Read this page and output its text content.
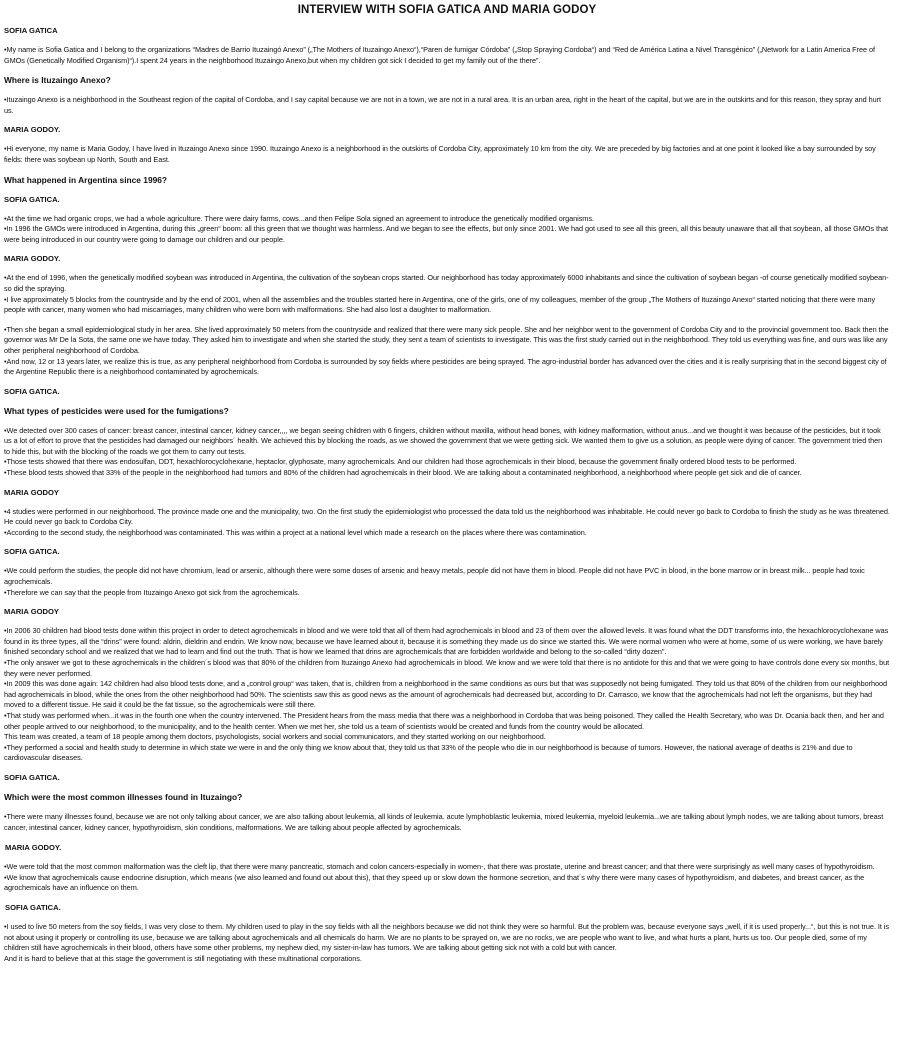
INTERVIEW WITH SOFIA GATICA AND MARIA GODOY
SOFIA GATICA
•My name is Sofia Gatica and I belong to the organizations “Madres de Barrio Ituzaingó Anexo” („The Mothers of Ituzaingo Anexo“),“Paren de fumigar Córdoba” („Stop Spraying Cordoba“) and “Red de América Latina a Nivel Transgénico” („Network for a Latin America Free of GMOs (Genetically Modified Organism)“).I spent 24 years in the neighborhood Ituzaingo Anexo,but when my children got sick I decided to get my family out of the there”.
Where is Ituzaingo Anexo?
•Ituzaingo Anexo is a neighborhood in the Southeast region of the capital of Cordoba, and I say capital because we are not in a town, we are not in a rural area. It is an urban area, right in the heart of the capital, but we are in the outskirts and for this reason, they spray and hurt us.
MARIA GODOY.
•Hi everyone, my name is Maria Godoy, I have lived in Ituzaingo Anexo since 1990. Ituzaingo Anexo is a neighborhood in the outskirts of Cordoba City, approximately 10 km from the city. We are preceded by big factories and at one point it looked like a bay surrounded by soy fields: there was soybean up North, South and East.
What happened in Argentina since 1996?
SOFIA GATICA.
•At the time we had organic crops, we had a whole agriculture. There were dairy farms, cows...and then Felipe Sola signed an agreement to introduce the genetically modified organisms.
•In 1996 the GMOs were introduced in Argentina, during this „green“ boom: all this green that we thought was harmless. And we began to see the effects, but only since 2001. We had got used to see all this green, all this beauty unaware that all that soybean, all those GMOs that were being introduced in our country were going to damage our children and our people.
MARIA GODOY.
•At the end of 1996, when the genetically modified soybean was introduced in Argentina, the cultivation of the soybean crops started. Our neighborhood has today approximately 6000 inhabitants and since the cultivation of soybean began -of course genetically modified soybean- so did the spraying.
•I live approximately 5 blocks from the countryside and by the end of 2001, when all the assemblies and the troubles started here in Argentina, one of the girls, one of my colleagues, member of the group „The Mothers of Ituzaingo Anexo“ started noticing that there were many people with cancer, many women who had miscarriages, many children who were born with malformations. She had also lost a daughter to malformation.
•Then she began a small epidemiological study in her area. She lived approximately 50 meters from the countryside and realized that there were many sick people. She and her neighbor went to the government of Cordoba City and to the provincial government too. Back then the governor was Mr De la Sota, the same one we have today. They asked him to investigate and when she started the study, they sent a team of scientists to investigate. This was the first study carried out in the neighborhood. They told us everything was fine, and ours was like any other peripheral neighborhood of Cordoba.
•And now, 12 or 13 years later, we realize this is true, as any peripheral neighborhood from Cordoba is surrounded by soy fields where pesticides are being sprayed. The agro-industrial border has advanced over the cities and it is really surprising that in the second biggest city of the Argentine Republic there is a neighborhood contaminated by agrochemicals.
SOFIA GATICA.
What types of pesticides were used for the fumigations?
•We detected over 300 cases of cancer: breast cancer, intestinal cancer, kidney cancer,,,, we began seeing children with 6 fingers, children without maxilla, without head bones, with kidney malformation, without anus...and we thought it was because of the pesticides, but it took us a lot of effort to prove that the pesticides had damaged our neighbors´ health. We achieved this by blocking the roads, as we showed the government that we were getting sick. We wanted them to give us a solution, as people were dying of cancer. The government tried then to hide this, but with the blocking of the roads we got them to carry out tests.
•Those tests showed that there was endosulfan, DDT, hexachlorocyclohexane, heptaclor, glyphosate, many agrochemicals. And our children had those agrochemicals in their blood, because the government finally ordered blood tests to be performed.
•These blood tests showed that 33% of the people in the neighborhood had tumors and 80% of the children had agrochemicals in their blood. We are talking about a contaminated neighborhood, a neighborhood where people get sick and die of cancer.
MARIA GODOY
•4 studies were performed in our neighborhood. The province made one and the municipality, two. On the first study the epidemiologist who processed the data told us the neighborhood was inhabitable. He could never go back to Cordoba to finish the study as he was threatened. He could never go back to Cordoba City.
•According to the second study, the neighborhood was contaminated. This was within a project at a national level which made a research on the places where there was contamination.
SOFIA GATICA.
•We could perform the studies, the people did not have chromium, lead or arsenic, although there were some doses of arsenic and heavy metals, people did not have them in blood. People did not have PVC in blood, in the bone marrow or in breast milk... people had toxic agrochemicals.
•Therefore we can say that the people from Ituzaingo Anexo got sick from the agrochemicals.
MARIA GODOY
•In 2006 30 children had blood tests done within this project in order to detect agrochemicals in blood and we were told that all of them had agrochemicals in blood and 23 of them over the allowed levels. It was found what the DDT transforms into, the hexachlorocyclohexane was found in its three types, all the “drins” were found: aldrin, dieldrin and endrin. We know now, because we have learned about it, because it is something they made us do since we started this. We were normal women who were at home, some of us were working, we have barely finished secondary school and we realized that we had to learn and find out the truth. That is how we learned that drins are agrochemicals that are forbidden worldwide and belong to the so-called “dirty dozen”.
•The only answer we got to these agrochemicals in the children´s blood was that 80% of the children from Ituzaingo Anexo had agrochemicals in blood. We know and we were told that there is no antidote for this and that we were going to have controls done every six months, but they were never performed.
•In 2009 this was done again: 142 children had also blood tests done, and a „control group“ was taken, that is, children from a neighborhood in the same conditions as ours but that was supposedly not being fumigated. They told us that 80% of the children from our neighborhood had agrochemicals in blood, while the ones from the other neighborhood had 50%. The scientists saw this as good news as the amount of agrochemicals had decreased but, according to Dr. Carrasco, we know that the agrochemicals had not left the organisms, but they had moved to a different tissue. He said it could be the fat tissue, so the agrochemicals were still there.
•That study was performed when...it was in the fourth one when the country intervened. The President hears from the mass media that there was a neighborhood in Cordoba that was being poisoned. They called the Health Secretary, who was Dr. Ocania back then, and her and other people arrived to our neighborhood, to the municipality, and to the health center. When we met her, she told us a team of scientists would be created and funds from the country would be allocated.
This team was created, a team of 18 people among them doctors, psychologists, social workers and social communicators, and they started working on our neighborhood.
•They performed a social and health study to determine in which state we were in and the only thing we know about that, they told us that 33% of the people who die in our neighborhood is because of tumors. However, the national average of deaths is 21% and due to cardiovascular diseases.
SOFIA GATICA.
Which were the most common illnesses found in Ituzaingo?
•There were many illnesses found, because we are not only talking about cancer, we are also talking about leukemia, all kinds of leukemia. acute lymphoblastic leukemia, mixed leukemia, myeloid leukemia...we are talking about lymph nodes, we are talking about tumors, breast cancer, intestinal cancer, kidney cancer, hypothyroidism, skin conditions, malformations. We are talking about people affected by agrochemicals.
MARIA GODOY.
•We were told that the most common malformation was the cleft lip, that there were many pancreatic, stomach and colon cancers-especially in women-, that there was prostate, uterine and breast cancer; and that there were surprisingly as well many cases of hypothyroidism.
•We know that agrochemicals cause endocrine disruption, which means (we also learned and found out about this), that they speed up or slow down the hormone secretion, and that´s why there were many cases of hypothyroidism, and diabetes, and breast cancer, as the agrochemicals have an influence on them.
SOFIA GATICA.
•I used to live 50 meters from the soy fields, I was very close to them. My children used to play in the soy fields with all the neighbors because we did not think they were so harmful. But the problem was, because everyone says „well, if it is used properly...“, but this is not true. It is not about using it properly or controlling its use, because we are talking about agrochemicals and all chemicals do harm. We are no plants to be sprayed on, we are no rocks, we are people who want to live, and what hurts a plant, hurts us too. Our people died, some of my children still have agrochemicals in their blood, others have some other problems, my nephew died, my sister-in-law has tumors. We are talking about getting sick not with a cold but with cancer.
And it is hard to believe that at this stage the government is still negotiating with these multinational corporations.
